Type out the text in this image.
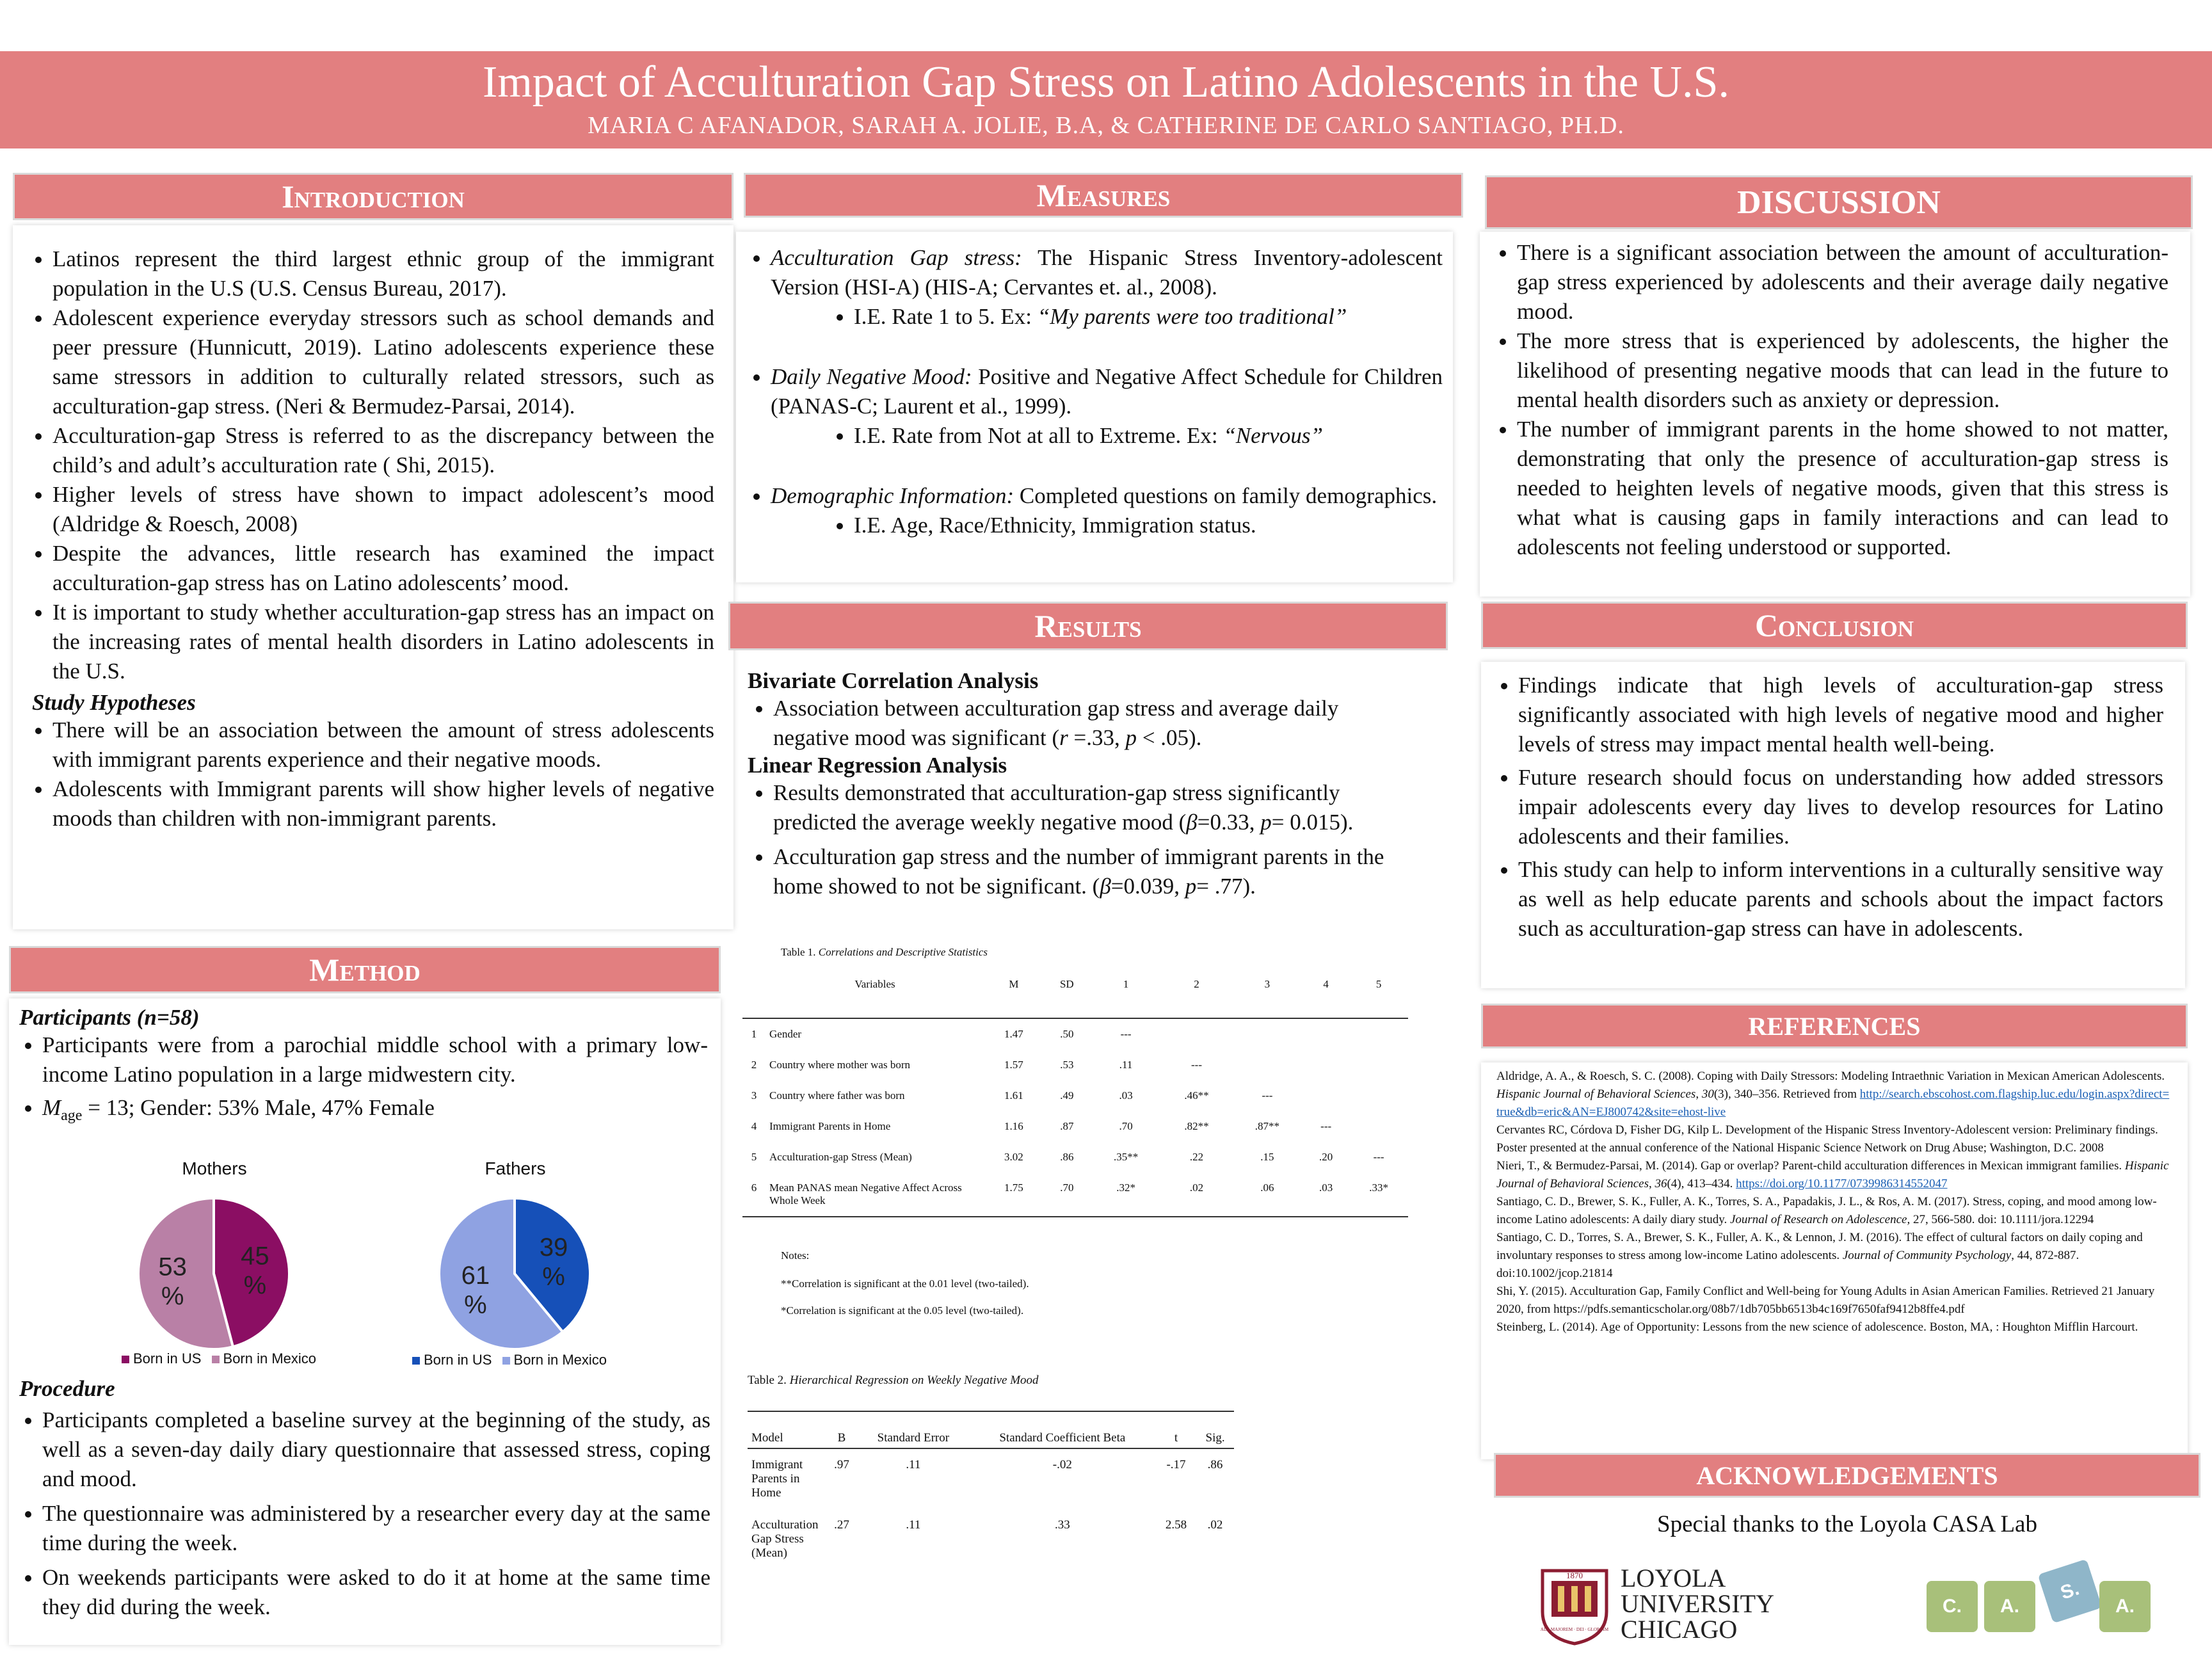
Impact of Acculturation Gap Stress on Latino Adolescents in the U.S.
MARIA C AFANADOR, SARAH A. JOLIE, B.A, & CATHERINE DE CARLO SANTIAGO, PH.D.
Introduction
• Latinos represent the third largest ethnic group of the immigrant population in the U.S (U.S. Census Bureau, 2017).
• Adolescent experience everyday stressors such as school demands and peer pressure (Hunnicutt, 2019). Latino adolescents experience these same stressors in addition to culturally related stressors, such as acculturation-gap stress. (Neri & Bermudez-Parsai, 2014).
• Acculturation-gap Stress is referred to as the discrepancy between the child’s and adult’s acculturation rate ( Shi, 2015).
• Higher levels of stress have shown to impact adolescent’s mood (Aldridge & Roesch, 2008)
• Despite the advances, little research has examined the impact acculturation-gap stress has on Latino adolescents’ mood.
• It is important to study whether acculturation-gap stress has an impact on the increasing rates of mental health disorders in Latino adolescents in the U.S.
Study Hypotheses
• There will be an association between the amount of stress adolescents with immigrant parents experience and their negative moods.
• Adolescents with Immigrant parents will show higher levels of negative moods than children with non-immigrant parents.
Method
Participants (n=58)
• Participants were from a parochial middle school with a primary low-income Latino population in a large midwestern city.
• $M_{age} = 13$; Gender: 53% Male, 47% Female
Mothers	Fathers
45 %
53 %
39 %
61 %
Born in US Born in Mexico	Born in US Born in Mexico
Procedure
• Participants completed a baseline survey at the beginning of the study, as well as a seven-day daily diary questionnaire that assessed stress, coping and mood.
• The questionnaire was administered by a researcher every day at the same time during the week.
• On weekends participants were asked to do it at home at the same time they did during the week.
Measures
• Acculturation Gap stress: The Hispanic Stress Inventory-adolescent Version (HSI-A) (HIS-A; Cervantes et. al., 2008).
• I.E. Rate 1 to 5. Ex: “My parents were too traditional”
• Daily Negative Mood: Positive and Negative Affect Schedule for Children (PANAS-C; Laurent et al., 1999).
• I.E. Rate from Not at all to Extreme. Ex: “Nervous”
• Demographic Information: Completed questions on family demographics.
• I.E. Age, Race/Ethnicity, Immigration status.
Results
Bivariate Correlation Analysis
• Association between acculturation gap stress and average daily negative mood was significant (r =.33, p < .05).
Linear Regression Analysis
• Results demonstrated that acculturation-gap stress significantly predicted the average weekly negative mood (β=0.33, p= 0.015).
• Acculturation gap stress and the number of immigrant parents in the home showed to not be significant. (β=0.039, p= .77).
Table 1. Correlations and Descriptive Statistics
	Variables	M	SD	1	2	3	4	5
1	Gender	1.47	.50	---				
2	Country where mother was born	1.57	.53	.11	---			
3	Country where father was born	1.61	.49	.03	.46**	---		
4	Immigrant Parents in Home	1.16	.87	.70	.82**	.87**	---	
5	Acculturation-gap Stress (Mean)	3.02	.86	.35**	.22	.15	.20	---
6	Mean PANAS mean Negative Affect Across Whole Week	1.75	.70	.32*	.02	.06	.03	.33*
Notes:
**Correlation is significant at the 0.01 level (two-tailed).
*Correlation is significant at the 0.05 level (two-tailed).
Table 2. Hierarchical Regression on Weekly Negative Mood
Model	B	Standard Error	Standard Coefficient Beta	t	Sig.
Immigrant Parents in Home	.97	.11	-.02	-.17	.86
Acculturation Gap Stress (Mean)	.27	.11	.33	2.58	.02
DISCUSSION
• There is a significant association between the amount of acculturation-gap stress experienced by adolescents and their average daily negative mood.
• The more stress that is experienced by adolescents, the higher the likelihood of presenting negative moods that can lead in the future to mental health disorders such as anxiety or depression.
• The number of immigrant parents in the home showed to not matter, demonstrating that only the presence of acculturation-gap stress is needed to heighten levels of negative moods, given that this stress is what what is causing gaps in family interactions and can lead to adolescents not feeling understood or supported.
Conclusion
• Findings indicate that high levels of acculturation-gap stress significantly associated with high levels of negative mood and higher levels of stress may impact mental health well-being.
• Future research should focus on understanding how added stressors impair adolescents every day lives to develop resources for Latino adolescents and their families.
• This study can help to inform interventions in a culturally sensitive way as well as help educate parents and schools about the impact factors such as acculturation-gap stress can have in adolescents.
REFERENCES
Aldridge, A. A., & Roesch, S. C. (2008). Coping with Daily Stressors: Modeling Intraethnic Variation in Mexican American Adolescents. Hispanic Journal of Behavioral Sciences, 30(3), 340–356. Retrieved from http://search.ebscohost.com.flagship.luc.edu/login.aspx?direct=true&db=eric&AN=EJ800742&site=ehost-live
Cervantes RC, Córdova D, Fisher DG, Kilp L. Development of the Hispanic Stress Inventory-Adolescent version: Preliminary findings. Poster presented at the annual conference of the National Hispanic Science Network on Drug Abuse; Washington, D.C. 2008
Nieri, T., & Bermudez-Parsai, M. (2014). Gap or overlap? Parent-child acculturation differences in Mexican immigrant families. Hispanic Journal of Behavioral Sciences, 36(4), 413–434. https://doi.org/10.1177/0739986314552047
Santiago, C. D., Brewer, S. K., Fuller, A. K., Torres, S. A., Papadakis, J. L., & Ros, A. M. (2017). Stress, coping, and mood among low-income Latino adolescents: A daily diary study. Journal of Research on Adolescence, 27, 566-580. doi: 10.1111/jora.12294
Santiago, C. D., Torres, S. A., Brewer, S. K., Fuller, A. K., & Lennon, J. M. (2016). The effect of cultural factors on daily coping and involuntary responses to stress among low-income Latino adolescents. Journal of Community Psychology, 44, 872-887. doi:10.1002/jcop.21814
Shi, Y. (2015). Acculturation Gap, Family Conflict and Well-being for Young Adults in Asian American Families. Retrieved 21 January 2020, from https://pdfs.semanticscholar.org/08b7/1db705bb6513b4c169f7650faf9412b8ffe4.pdf
Steinberg, L. (2014). Age of Opportunity: Lessons from the new science of adolescence. Boston, MA, : Houghton Mifflin Harcourt.
ACKNOWLEDGEMENTS
Special thanks to the Loyola CASA Lab
1870
AD · MAJOREM · DEI · GLORIAM
LOYOLA
UNIVERSITY
CHICAGO
C.	A.
S.
A.
